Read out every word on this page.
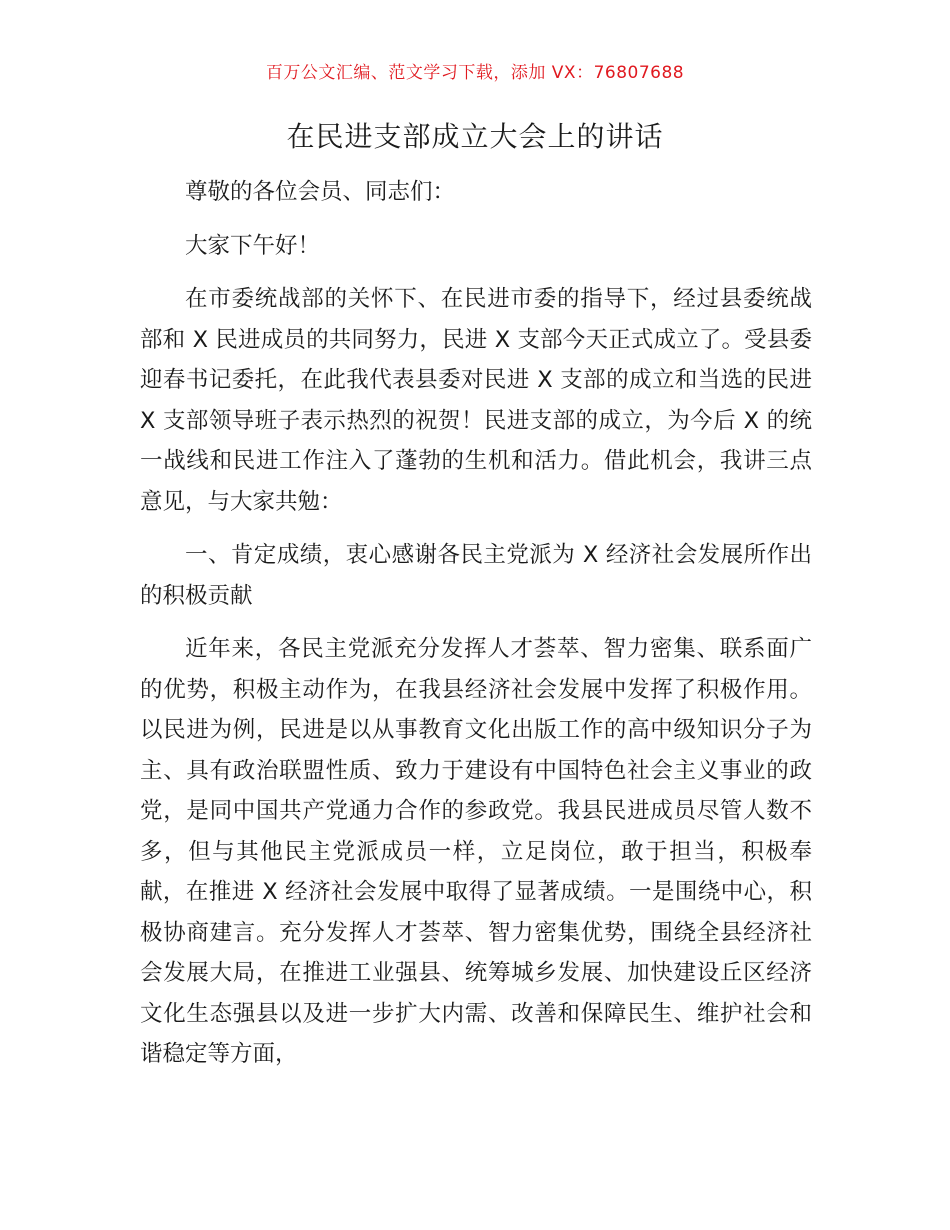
百万公文汇编、范文学习下载，添加 VX：76807688
在民进支部成立大会上的讲话

尊敬的各位会员、同志们：

大家下午好！

在市委统战部的关怀下、在民进市委的指导下，经过县委统战部和 X 民进成员的共同努力，民进 X 支部今天正式成立了。受县委迎春书记委托，在此我代表县委对民进 X 支部的成立和当选的民进 X 支部领导班子表示热烈的祝贺！民进支部的成立，为今后 X 的统一战线和民进工作注入了蓬勃的生机和活力。借此机会，我讲三点意见，与大家共勉：

一、肯定成绩，衷心感谢各民主党派为 X 经济社会发展所作出的积极贡献

近年来，各民主党派充分发挥人才荟萃、智力密集、联系面广的优势，积极主动作为，在我县经济社会发展中发挥了积极作用。以民进为例，民进是以从事教育文化出版工作的高中级知识分子为主、具有政治联盟性质、致力于建设有中国特色社会主义事业的政党，是同中国共产党通力合作的参政党。我县民进成员尽管人数不多，但与其他民主党派成员一样，立足岗位，敢于担当，积极奉献，在推进 X 经济社会发展中取得了显著成绩。一是围绕中心，积极协商建言。充分发挥人才荟萃、智力密集优势，围绕全县经济社会发展大局，在推进工业强县、统筹城乡发展、加快建设丘区经济文化生态强县以及进一步扩大内需、改善和保障民生、维护社会和谐稳定等方面，
